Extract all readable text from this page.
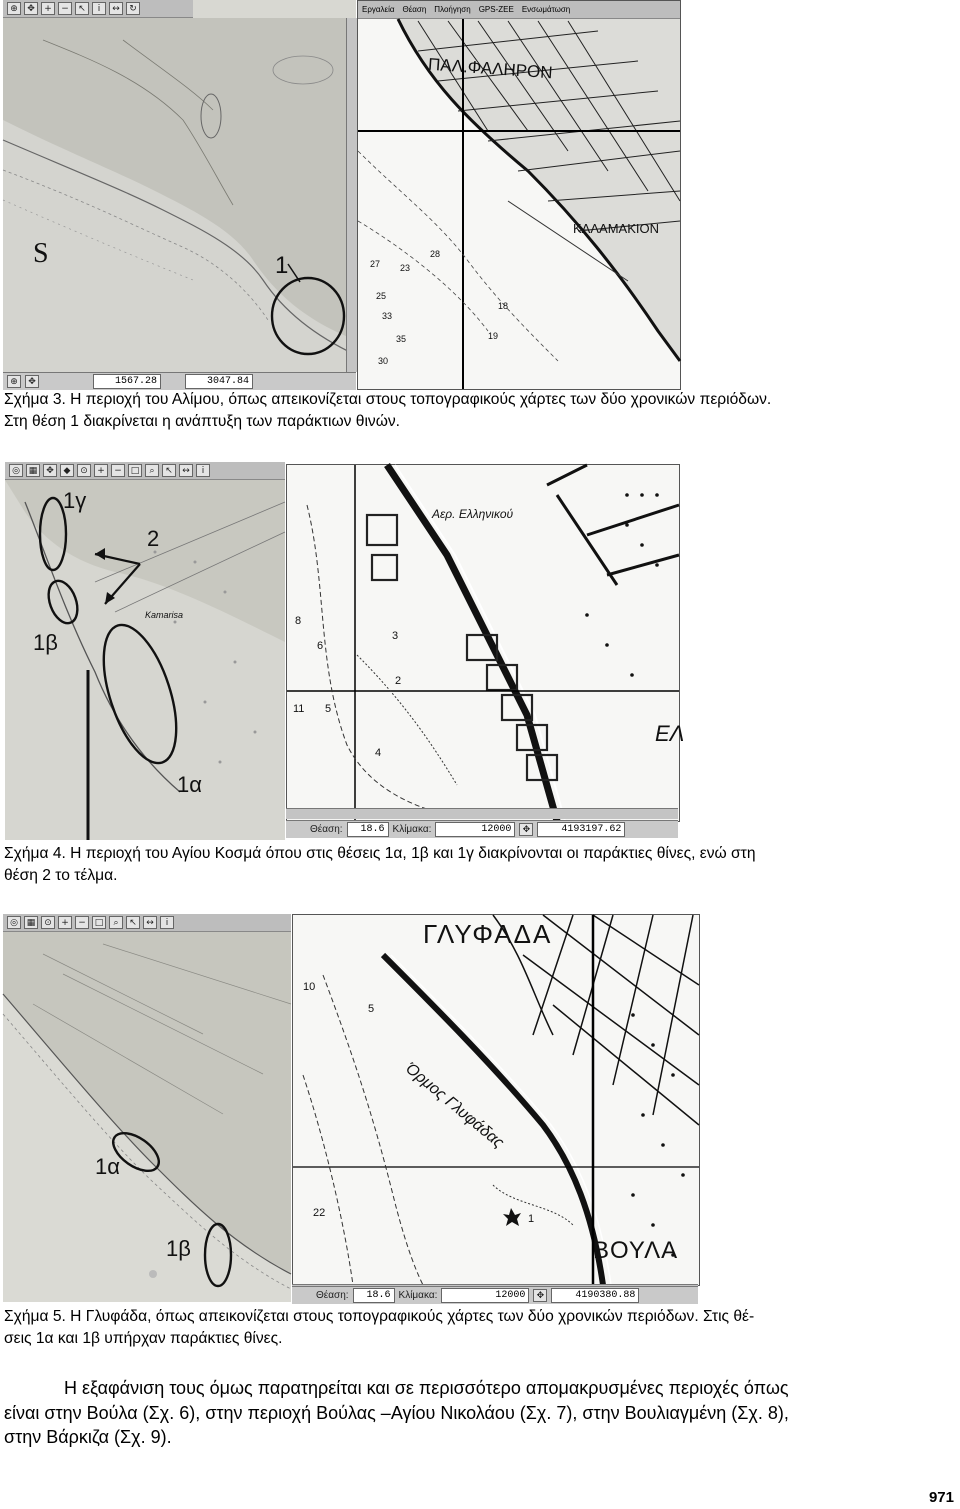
⊕	✥	+	−	↖	i	↔	↻
1
S
⊕	✥	1567.28	3047.84
Εργαλεία Θέαση Πλοήγηση GPS-ZEE Ενσωμάτωση
ΠΑΛ.ΦΑΛΗΡΟΝ
ΚΑΛΑΜΑΚΙΟΝ
27 23
25
33
35
30
28
18
19

Σχήμα 3. Η περιοχή του Αλίμου, όπως απεικονίζεται στους τοπογραφικούς χάρτες των δύο χρονικών περιόδων.
Στη θέση 1 διακρίνεται η ανάπτυξη των παράκτιων θινών.

◎ ▦ ✥	◆	⊙	+	− □	⌕	↖	↔	i
1γ
2
1β
1α
Kamarisa
Αερ. Ελληνικού
ΕΛ
8
6
3
11 5
2
4
Θέαση:	18.6 Κλίμακα:	12000	✥	4193197.62

Σχήμα 4. Η περιοχή του Αγίου Κοσμά όπου στις θέσεις 1α, 1β και 1γ διακρίνονται οι παράκτιες θίνες, ενώ στη
θέση 2 το τέλμα.

◎ ▦ ⊙	+	− □	⌕	↖	↔	i
1α
1β
ΓΛΥΦΑΔΑ
ΒΟΥΛΑ
Όρμος Γλυφάδας
10
5
22	1
Θέαση:	18.6 Κλίμακα:	12000	✥	4190380.88

Σχήμα 5. Η Γλυφάδα, όπως απεικονίζεται στους τοπογραφικούς χάρτες των δύο χρονικών περιόδων. Στις θέ-
σεις 1α και 1β υπήρχαν παράκτιες θίνες.

Η εξαφάνιση τους όμως παρατηρείται και σε περισσότερο απομακρυσμένες περιοχές όπως
είναι στην Βούλα (Σχ. 6), στην περιοχή Βούλας –Αγίου Νικολάου (Σχ. 7), στην Βουλιαγμένη (Σχ. 8),
στην Βάρκιζα (Σχ. 9).

971
